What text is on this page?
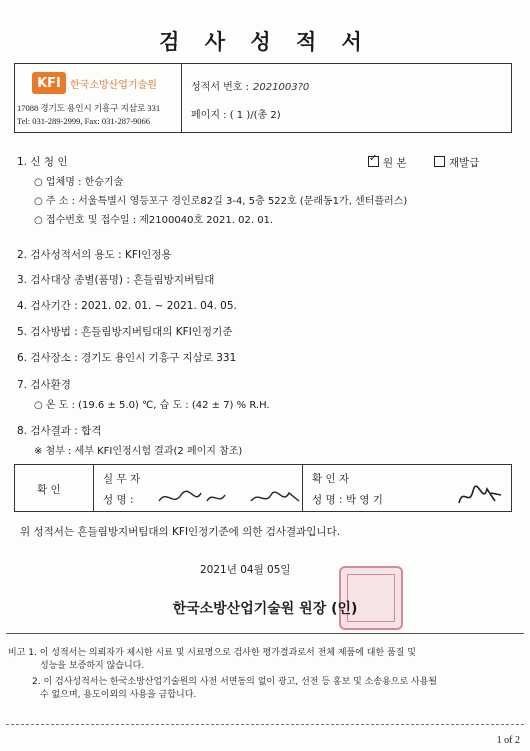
검 사 성 적 서
KFI 한국소방산업기술원
17088 경기도 용인시 기흥구 지삼로 331
Tel: 031-289-2999, Fax: 031-287-9066
성적서 번호 : 2021003?0
페이지 : ( 1 )/(총 2)
✓원 본	재발급
1. 신 청 인
○ 업체명 : 한승기술
○ 주 소 : 서울특별시 영등포구 경인로82길 3-4, 5층 522호 (문래동1가, 센터플러스)
○ 접수번호 및 접수일 : 제2100040호 2021. 02. 01.
2. 검사성적서의 용도 : KFI인정용
3. 검사대상 종별(품명) : 흔들림방지버팀대
4. 검사기간 : 2021. 02. 01. ~ 2021. 04. 05.
5. 검사방법 : 흔들림방지버팀대의 KFI인정기준
6. 검사장소 : 경기도 용인시 기흥구 지삼로 331
7. 검사환경
○ 온 도 : (19.6 ± 5.0) ℃, 습 도 : (42 ± 7) % R.H.
8. 검사결과 : 합격
※ 첨부 : 세부 KFI인정시험 결과(2 페이지 참조)
확 인
실 무 자
성 명 :
확 인 자
성 명 : 박 영 기
위 성적서는 흔들림방지버팀대의 KFI인정기준에 의한 검사결과입니다.
2021년 04월 05일
한국소방산업기술원 원장 (인)
비고 1. 이 성적서는 의뢰자가 제시한 시료 및 시료명으로 검사한 평가결과로서 전체 제품에 대한 품질 및
성능을 보증하지 않습니다.
2. 이 검사성적서는 한국소방산업기술원의 사전 서면동의 없이 광고, 선전 등 홍보 및 소송용으로 사용될
수 없으며, 용도이외의 사용을 금합니다.
1 of 2
